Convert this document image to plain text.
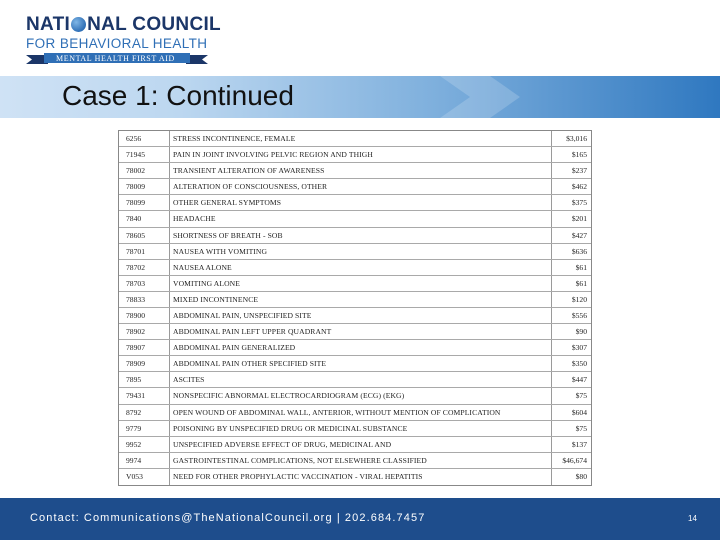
NATI NAL COUNCIL
FOR BEHAVIORAL HEALTH
MENTAL HEALTH FIRST AID
Case 1: Continued
6256	STRESS INCONTINENCE, FEMALE	$3,016
71945	PAIN IN JOINT INVOLVING PELVIC REGION AND THIGH	$165
78002	TRANSIENT ALTERATION OF AWARENESS	$237
78009	ALTERATION OF CONSCIOUSNESS, OTHER	$462
78099	OTHER GENERAL SYMPTOMS	$375
7840	HEADACHE	$201
78605	SHORTNESS OF BREATH - SOB	$427
78701	NAUSEA WITH VOMITING	$636
78702	NAUSEA ALONE	$61
78703	VOMITING ALONE	$61
78833	MIXED INCONTINENCE	$120
78900	ABDOMINAL PAIN, UNSPECIFIED SITE	$556
78902	ABDOMINAL PAIN LEFT UPPER QUADRANT	$90
78907	ABDOMINAL PAIN GENERALIZED	$307
78909	ABDOMINAL PAIN OTHER SPECIFIED SITE	$350
7895	ASCITES	$447
79431	NONSPECIFIC ABNORMAL ELECTROCARDIOGRAM (ECG) (EKG)	$75
8792	OPEN WOUND OF ABDOMINAL WALL, ANTERIOR, WITHOUT MENTION OF COMPLICATION	$604
9779	POISONING BY UNSPECIFIED DRUG OR MEDICINAL SUBSTANCE	$75
9952	UNSPECIFIED ADVERSE EFFECT OF DRUG, MEDICINAL AND	$137
9974	GASTROINTESTINAL COMPLICATIONS, NOT ELSEWHERE CLASSIFIED	$46,674
V053	NEED FOR OTHER PROPHYLACTIC VACCINATION - VIRAL HEPATITIS	$80
Contact: Communications@TheNationalCouncil.org | 202.684.7457	14
